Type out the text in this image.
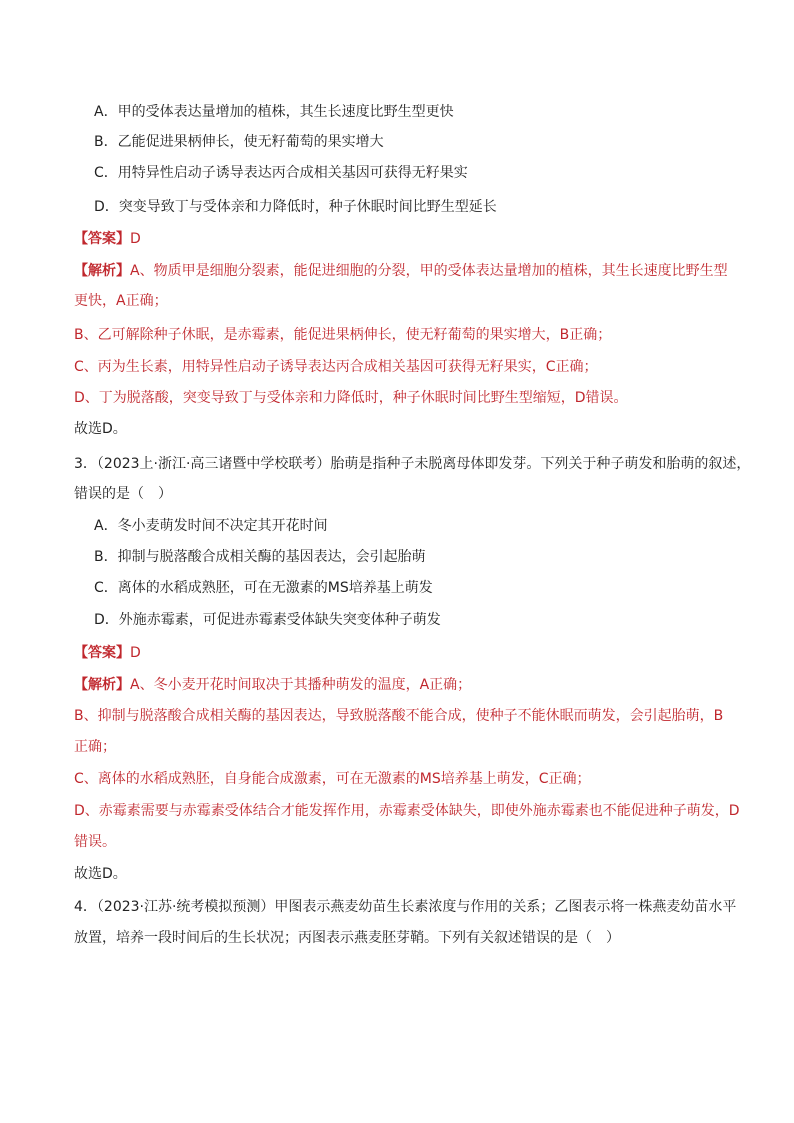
A．甲的受体表达量增加的植株，其生长速度比野生型更快
B．乙能促进果柄伸长，使无籽葡萄的果实增大
C．用特异性启动子诱导表达丙合成相关基因可获得无籽果实
D．突变导致丁与受体亲和力降低时，种子休眠时间比野生型延长
【答案】D
【解析】A、物质甲是细胞分裂素，能促进细胞的分裂，甲的受体表达量增加的植株，其生长速度比野生型
更快，A正确；
B、乙可解除种子休眠，是赤霉素，能促进果柄伸长，使无籽葡萄的果实增大，B正确；
C、丙为生长素，用特异性启动子诱导表达丙合成相关基因可获得无籽果实，C正确；
D、丁为脱落酸，突变导致丁与受体亲和力降低时，种子休眠时间比野生型缩短，D错误。
故选D。
3．（2023上·浙江·高三诸暨中学校联考）胎萌是指种子未脱离母体即发芽。下列关于种子萌发和胎萌的叙述，
错误的是（　）
A．冬小麦萌发时间不决定其开花时间
B．抑制与脱落酸合成相关酶的基因表达，会引起胎萌
C．离体的水稻成熟胚，可在无激素的MS培养基上萌发
D．外施赤霉素，可促进赤霉素受体缺失突变体种子萌发
【答案】D
【解析】A、冬小麦开花时间取决于其播种萌发的温度，A正确；
B、抑制与脱落酸合成相关酶的基因表达，导致脱落酸不能合成，使种子不能休眠而萌发，会引起胎萌，B
正确；
C、离体的水稻成熟胚，自身能合成激素，可在无激素的MS培养基上萌发，C正确；
D、赤霉素需要与赤霉素受体结合才能发挥作用，赤霉素受体缺失，即使外施赤霉素也不能促进种子萌发，D
错误。
故选D。
4．（2023·江苏·统考模拟预测）甲图表示燕麦幼苗生长素浓度与作用的关系；乙图表示将一株燕麦幼苗水平
放置，培养一段时间后的生长状况；丙图表示燕麦胚芽鞘。下列有关叙述错误的是（　）
